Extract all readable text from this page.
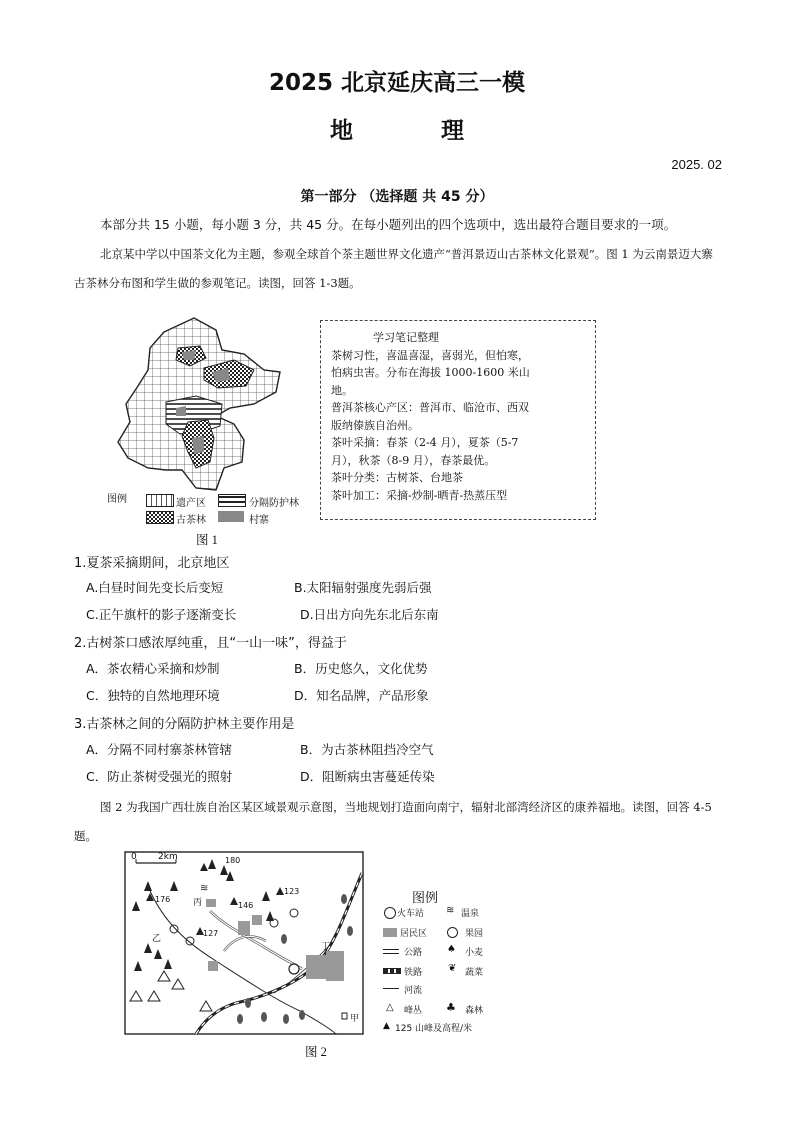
2025 北京延庆高三一模
地 理
2025. 02
第一部分 （选择题 共 45 分）
本部分共 15 小题，每小题 3 分，共 45 分。在每小题列出的四个选项中，选出最符合题目要求的一项。
北京某中学以中国茶文化为主题，参观全球首个茶主题世界文化遗产“普洱景迈山古茶林文化景观”。图 1 为云南景迈大寨古茶林分布图和学生做的参观笔记。读图，回答 1-3题。
图例	遗产区	分隔防护林
古茶林	村寨
图 1
学习笔记整理
茶树习性，喜温喜湿，喜弱光，但怕寒，
怕病虫害。分布在海拔 1000-1600 米山
地。
普洱茶核心产区：普洱市、临沧市、西双
版纳傣族自治州。
茶叶采摘：春茶（2-4 月），夏茶（5-7
月），秋茶（8-9 月），春茶最优。
茶叶分类：古树茶、台地茶
茶叶加工：采摘-炒制-晒青-热蒸压型
1.夏茶采摘期间，北京地区
A.白昼时间先变长后变短	B.太阳辐射强度先弱后强
C.正午旗杆的影子逐渐变长	D.日出方向先东北后东南
2.古树茶口感浓厚纯重，且“一山一味”，得益于
A．茶农精心采摘和炒制	B．历史悠久，文化优势
C．独特的自然地理环境	D．知名品牌，产品形象
3.古茶林之间的分隔防护林主要作用是
A．分隔不同村寨茶林管辖	B．为古茶林阻挡冷空气
C．防止茶树受强光的照射	D．阻断病虫害蔓延传染
图 2 为我国广西壮族自治区某区域景观示意图，当地规划打造面向南宁，辐射北部湾经济区的康养福地。读图，回答 4-5题。
≋
0 2km	180
176
123
146
127
丙
乙
丁
甲
图例
火车站 ≋ 温泉
居民区	果园
公路 ♠ 小麦
铁路	❦ 蔬菜
河流
△ 峰丛 ♣ 森林
▲ 125 山峰及高程/米
图 2
